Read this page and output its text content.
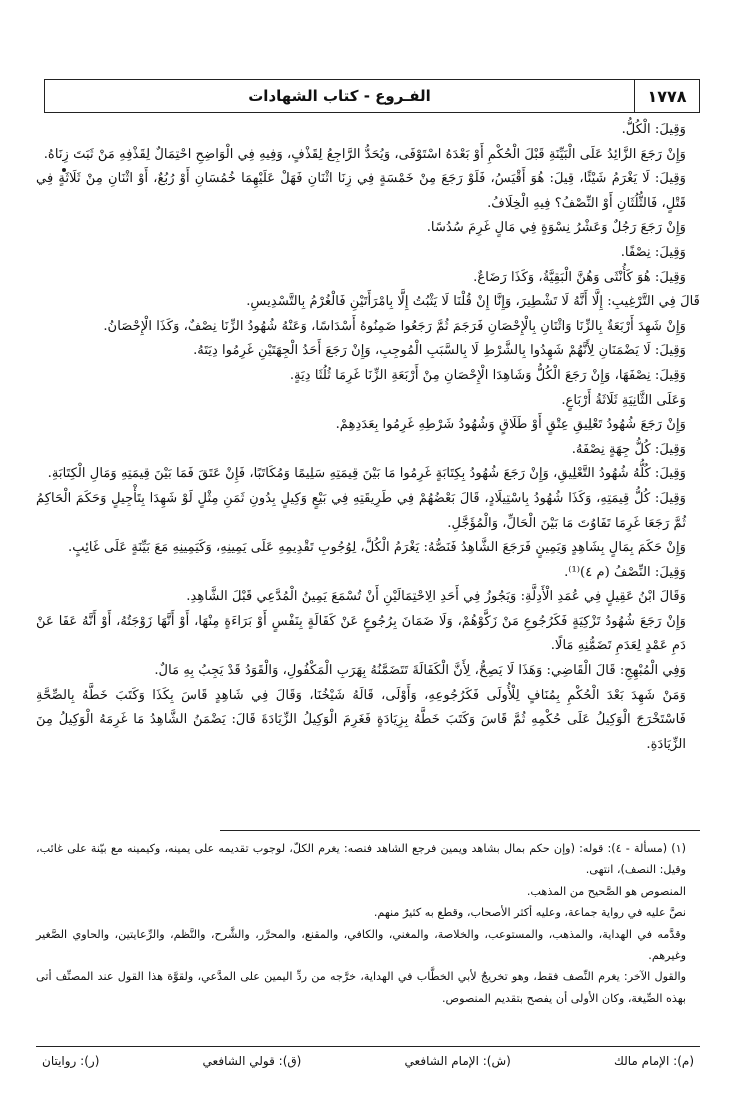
١٧٧٨
الفـروع - كتاب الشهادات

وَقِيلَ: الْكُلُّ.

وَإِنْ رَجَعَ الزَّائِدُ عَلَى الْبَيِّنَةِ قَبْلَ الْحُكْمِ أَوْ بَعْدَهُ اسْتَوْفَى، وَيُحَدُّ الرَّاجِعُ لِقَذْفٍ، وَفِيهِ فِي الْوَاضِحِ احْتِمَالٌ لِقَذْفِهِ مَنْ ثَبَتَ زِنَاهُ.

وَقِيلَ: لَا يَغْرَمُ شَيْئًا، قِيلَ: هُوَ أَقْيَسُ، فَلَوْ رَجَعَ مِنْ خَمْسَةٍ فِي زِنَا اثْنَانِ فَهَلْ عَلَيْهِمَا خُمُسَانِ أَوْ رُبُعٌ، أَوْ اثْنَانِ مِنْ ثَلَاثَةٍ فِي قَتْلٍ، فَالثُّلُثَانِ أَوْ النِّصْفُ؟ فِيهِ الْخِلَافُ.

وَإِنْ رَجَعَ رَجُلٌ وَعَشْرُ نِسْوَةٍ فِي مَالٍ غَرِمَ سُدُسًا.

وَقِيلَ: نِصْفًا.

وَقِيلَ: هُوَ كَأُنْثَى وَهُنَّ الْبَقِيَّةُ، وَكَذَا رَضَاعٌ.

قَالَ فِي التَّرْغِيبِ: إِلَّا أَنَّهُ لَا تَشْطِيرَ، وَإِنَّا إِنْ قُلْنَا لَا يَثْبُتُ إِلَّا بِامْرَأَتَيْنِ فَالْغُرْمُ بِالتَّسْدِيسِ.

وَإِنْ شَهِدَ أَرْبَعَةٌ بِالزِّنَا وَاثْنَانِ بِالْإِحْصَانِ فَرَجَمَ ثُمَّ رَجَعُوا ضَمِنُوهُ أَسْدَاسًا، وَعَنْهُ شُهُودُ الزِّنَا نِصْفٌ، وَكَذَا الْإِحْصَانُ.

وَقِيلَ: لَا يَضْمَنَانِ لِأَنَّهُمْ شَهِدُوا بِالشَّرْطِ لَا بِالسَّبَبِ الْمُوجِبِ، وَإِنْ رَجَعَ أَحَدُ الْجِهَتَيْنِ غَرِمُوا دِيَتَهُ.

وَقِيلَ: نِصْفَهَا، وَإِنْ رَجَعَ الْكُلُّ وَشَاهِدَا الْإِحْصَانِ مِنْ أَرْبَعَةِ الزِّنَا غَرِمَا ثُلُثَا دِيَةٍ.

وَعَلَى الثَّانِيَةِ ثَلَاثَةُ أَرْبَاعٍ.

وَإِنْ رَجَعَ شُهُودُ تَعْلِيقِ عِتْقٍ أَوْ طَلَاقٍ وَشُهُودُ شَرْطِهِ غَرِمُوا بِعَدَدِهِمْ.

وَقِيلَ: كُلُّ جِهَةٍ نِصْفَهُ.

وَقِيلَ: كُلُّهُ شُهُودُ التَّعْلِيقِ، وَإِنْ رَجَعَ شُهُودُ بِكِتَابَةٍ غَرِمُوا مَا بَيْنَ قِيمَتِهِ سَلِيمًا وَمُكَاتَبًا، فَإِنْ عَتَقَ فَمَا بَيْنَ قِيمَتِهِ وَمَالِ الْكِتَابَةِ.

وَقِيلَ: كُلُّ قِيمَتِهِ، وَكَذَا شُهُودُ بِاسْتِيلَادٍ، قَالَ بَعْضُهُمْ فِي طَرِيقَتِهِ فِي بَيْعٍ وَكِيلٍ بِدُونِ ثَمَنِ مِثْلٍ لَوْ شَهِدَا بِتَأْجِيلٍ وَحَكَمَ الْحَاكِمُ ثُمَّ رَجَعَا غَرِمَا تَفَاوُتَ مَا بَيْنَ الْحَالِّ، وَالْمُؤَجَّلِ.

وَإِنْ حَكَمَ بِمَالٍ بِشَاهِدٍ وَيَمِينٍ فَرَجَعَ الشَّاهِدُ فَنَصُّهُ: يَغْرَمُ الْكُلَّ، لِوُجُوبِ تَقْدِيمِهِ عَلَى يَمِينِهِ، وَكَيَمِينِهِ مَعَ بَيِّنَةٍ عَلَى غَائِبٍ.

وَقِيلَ: النِّصْفُ (م ٤)⁽¹⁾.

وَقَالَ ابْنُ عَقِيلٍ فِي عُمَدِ الْأَدِلَّةِ: وَيَجُوزُ فِي أَحَدِ الِاحْتِمَالَيْنِ أَنْ تُسْمَعَ يَمِينُ الْمُدَّعِي قَبْلَ الشَّاهِدِ.

وَإِنْ رَجَعَ شُهُودُ تَزْكِيَةٍ فَكَرُجُوعِ مَنْ زَكَّوْهُمْ، وَلَا ضَمَانَ بِرُجُوعٍ عَنْ كَفَالَةٍ بِنَفْسٍ أَوْ بَرَاءَةٍ مِنْهَا، أَوْ أَنَّهَا زَوْجَتُهُ، أَوْ أَنَّهُ عَفَا عَنْ دَمِ عَمْدٍ لِعَدَمِ تَضَمُّنِهِ مَالًا.

وَفِي الْمُبْهِجِ: قَالَ الْقَاضِي: وَهَذَا لَا يَصِحُّ، لِأَنَّ الْكَفَالَةَ تَتَضَمَّنُهُ بِهَرَبِ الْمَكْفُولِ، وَالْقَوَدُ قَدْ يَجِبُ بِهِ مَالٌ.

وَمَنْ شَهِدَ بَعْدَ الْحُكْمِ بِمُنَافٍ لِلْأُولَى فَكَرُجُوعِهِ، وَأَوْلَى، قَالَهُ شَيْخُنَا، وَقَالَ فِي شَاهِدٍ قَاسَ بِكَذَا وَكَتَبَ خَطَّهُ بِالصِّحَّةِ فَاسْتَخْرَجَ الْوَكِيلُ عَلَى حُكْمِهِ ثُمَّ قَاسَ وَكَتَبَ خَطَّهُ بِزِيَادَةٍ فَغَرِمَ الْوَكِيلُ الزِّيَادَةَ قَالَ: يَضْمَنُ الشَّاهِدُ مَا غَرِمَهُ الْوَكِيلُ مِنَ الزِّيَادَةِ.

(١) (مسألة - ٤): قوله: (وإن حكم بمال بشاهد ويمين فرجع الشاهد فنصه: يغرم الكلّ، لوجوب تقديمه على يمينه، وكيمينه مع بيّنة على غائب، وقيل: النصف)، انتهى.

المنصوص هو الصَّحيح من المذهب.

نصَّ عليه في رواية جماعة، وعليه أكثر الأصحاب، وقطع به كثيرٌ منهم.

وقدَّمه في الهداية، والمذهب، والمستوعب، والخلاصة، والمغني، والكافي، والمقنع، والمحرَّر، والشَّرح، والنَّظم، والرِّعايتين، والحاوي الصَّغير وغيرهم.

والقول الآخر: يغرم النِّصف فقط، وهو تخريجٌ لأبي الخطَّاب في الهداية، خرَّجه من ردِّ اليمين على المدَّعي، ولقوَّة هذا القول عند المصنِّف أتى بهذه الصِّيغة، وكان الأولى أن يفصح بتقديم المنصوص.

(م): الإمام مالك
(ش): الإمام الشافعي
(ق): قولي الشافعي
(ر): روايتان
